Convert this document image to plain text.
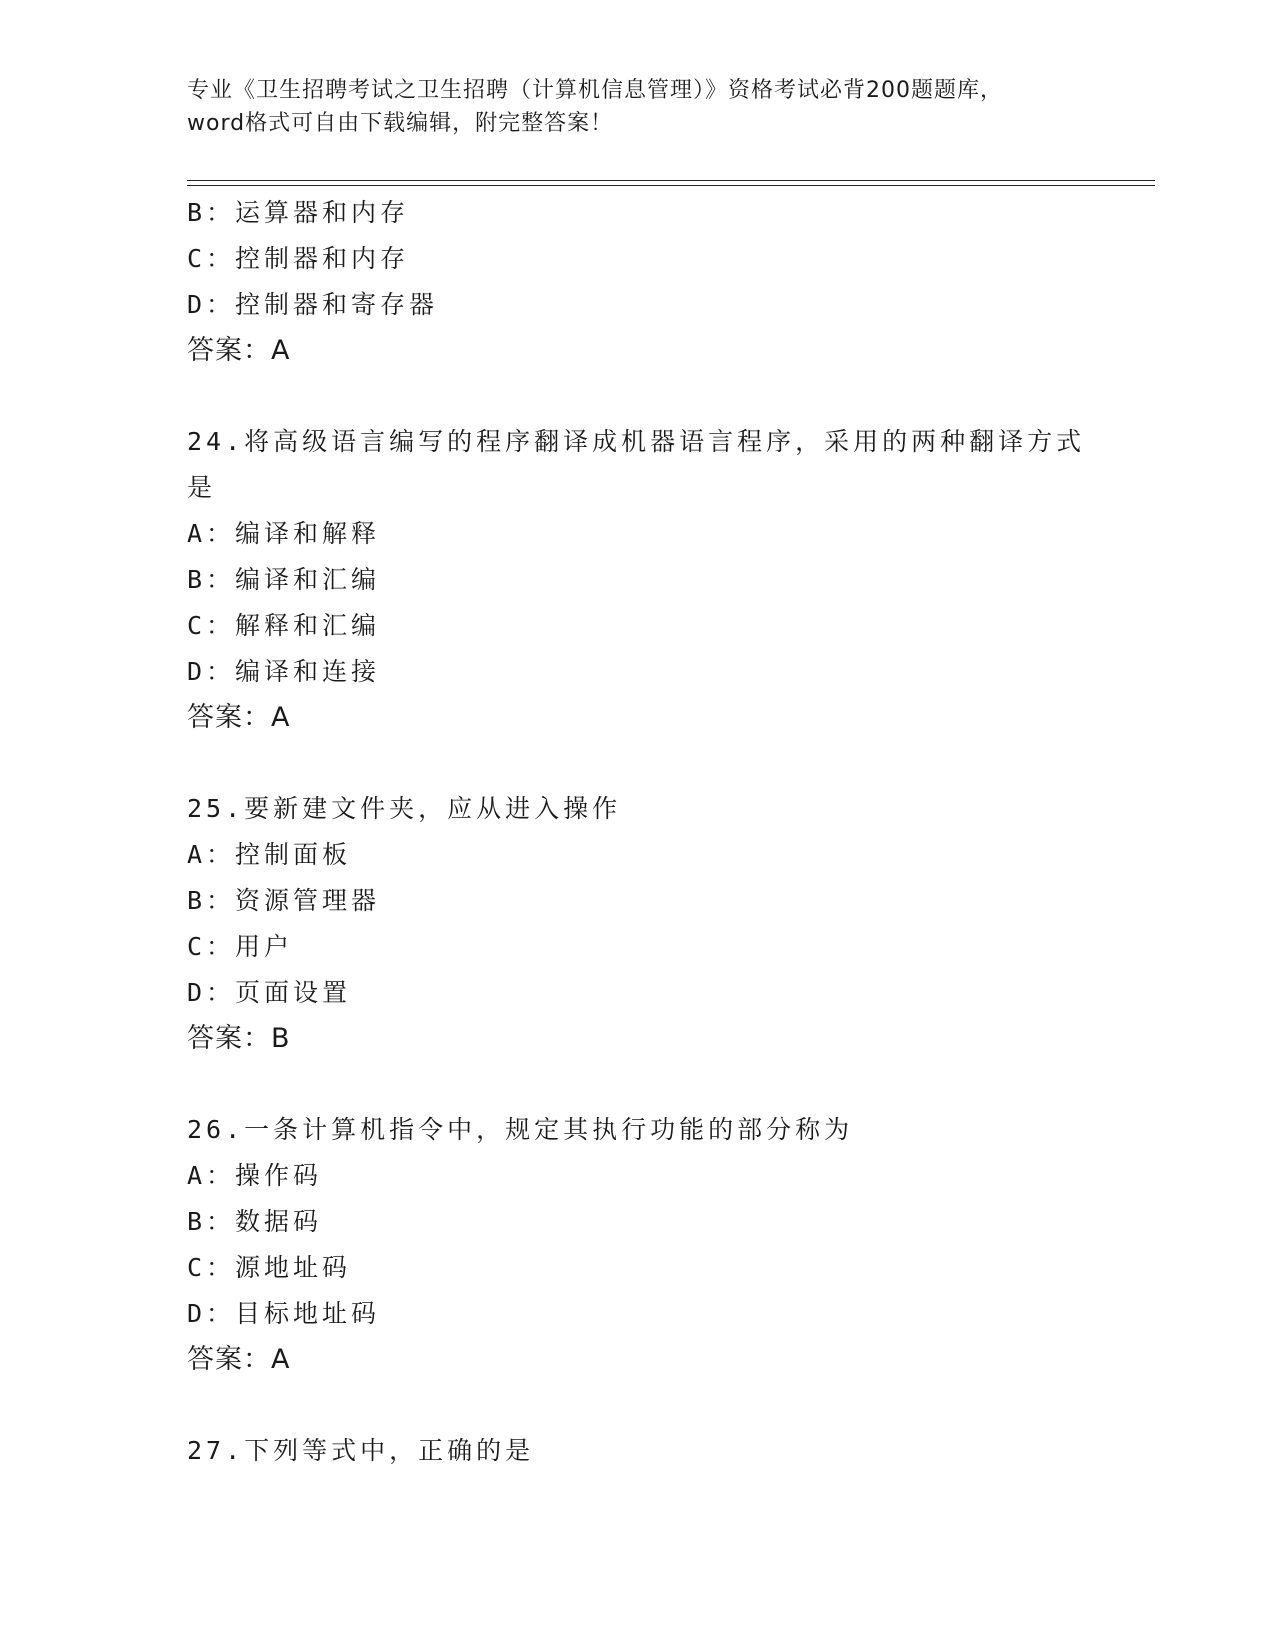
专业《卫生招聘考试之卫生招聘（计算机信息管理）》资格考试必背200题题库，

word格式可自由下载编辑，附完整答案！

B：运算器和内存

C：控制器和内存

D：控制器和寄存器

答案：A

24.将高级语言编写的程序翻译成机器语言程序，采用的两种翻译方式是

A：编译和解释

B：编译和汇编

C：解释和汇编

D：编译和连接

答案：A

25.要新建文件夹，应从进入操作

A：控制面板

B：资源管理器

C：用户

D：页面设置

答案：B

26.一条计算机指令中，规定其执行功能的部分称为

A：操作码

B：数据码

C：源地址码

D：目标地址码

答案：A

27.下列等式中，正确的是
